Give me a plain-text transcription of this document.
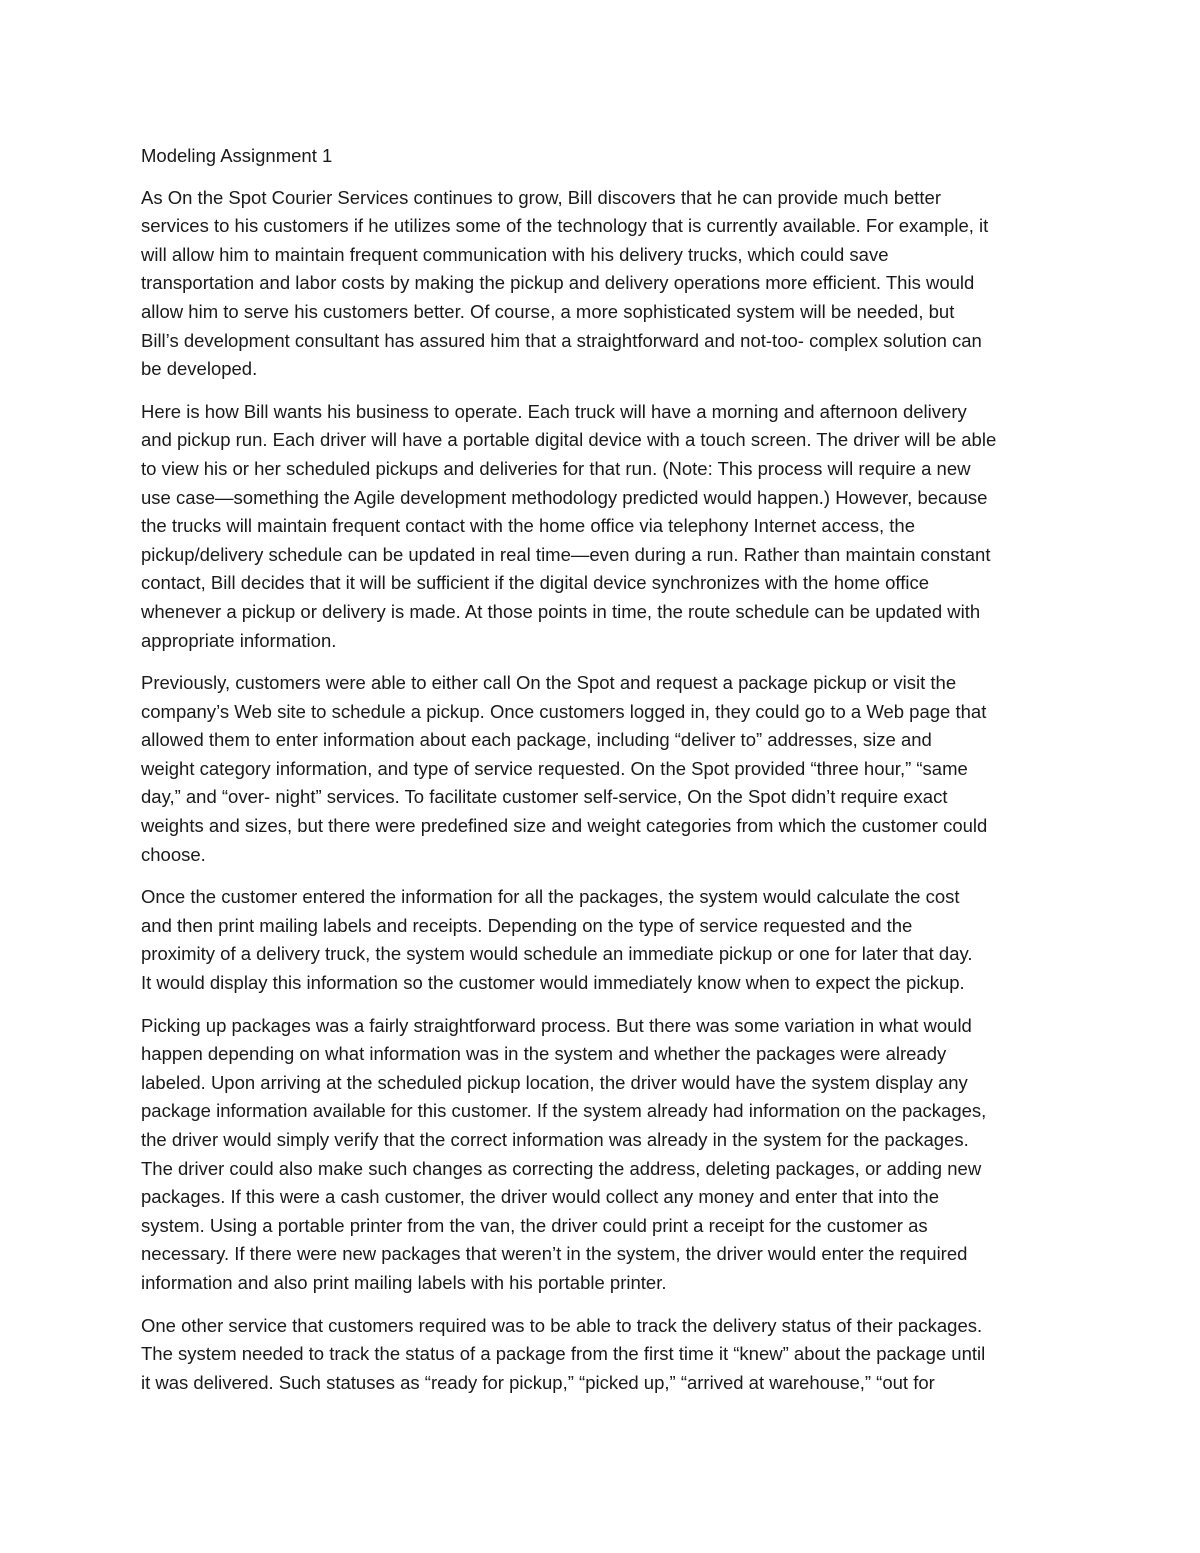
Modeling Assignment 1
As On the Spot Courier Services continues to grow, Bill discovers that he can provide much better
services to his customers if he utilizes some of the technology that is currently available. For example, it
will allow him to maintain frequent communication with his delivery trucks, which could save
transportation and labor costs by making the pickup and delivery operations more efficient. This would
allow him to serve his customers better. Of course, a more sophisticated system will be needed, but
Bill’s development consultant has assured him that a straightforward and not-too- complex solution can
be developed.
Here is how Bill wants his business to operate. Each truck will have a morning and afternoon delivery
and pickup run. Each driver will have a portable digital device with a touch screen. The driver will be able
to view his or her scheduled pickups and deliveries for that run. (Note: This process will require a new
use case—something the Agile development methodology predicted would happen.) However, because
the trucks will maintain frequent contact with the home office via telephony Internet access, the
pickup/delivery schedule can be updated in real time—even during a run. Rather than maintain constant
contact, Bill decides that it will be sufficient if the digital device synchronizes with the home office
whenever a pickup or delivery is made. At those points in time, the route schedule can be updated with
appropriate information.
Previously, customers were able to either call On the Spot and request a package pickup or visit the
company’s Web site to schedule a pickup. Once customers logged in, they could go to a Web page that
allowed them to enter information about each package, including “deliver to” addresses, size and
weight category information, and type of service requested. On the Spot provided “three hour,” “same
day,” and “over- night” services. To facilitate customer self-service, On the Spot didn’t require exact
weights and sizes, but there were predefined size and weight categories from which the customer could
choose.
Once the customer entered the information for all the packages, the system would calculate the cost
and then print mailing labels and receipts. Depending on the type of service requested and the
proximity of a delivery truck, the system would schedule an immediate pickup or one for later that day.
It would display this information so the customer would immediately know when to expect the pickup.
Picking up packages was a fairly straightforward process. But there was some variation in what would
happen depending on what information was in the system and whether the packages were already
labeled. Upon arriving at the scheduled pickup location, the driver would have the system display any
package information available for this customer. If the system already had information on the packages,
the driver would simply verify that the correct information was already in the system for the packages.
The driver could also make such changes as correcting the address, deleting packages, or adding new
packages. If this were a cash customer, the driver would collect any money and enter that into the
system. Using a portable printer from the van, the driver could print a receipt for the customer as
necessary. If there were new packages that weren’t in the system, the driver would enter the required
information and also print mailing labels with his portable printer.
One other service that customers required was to be able to track the delivery status of their packages.
The system needed to track the status of a package from the first time it “knew” about the package until
it was delivered. Such statuses as “ready for pickup,” “picked up,” “arrived at warehouse,” “out for
